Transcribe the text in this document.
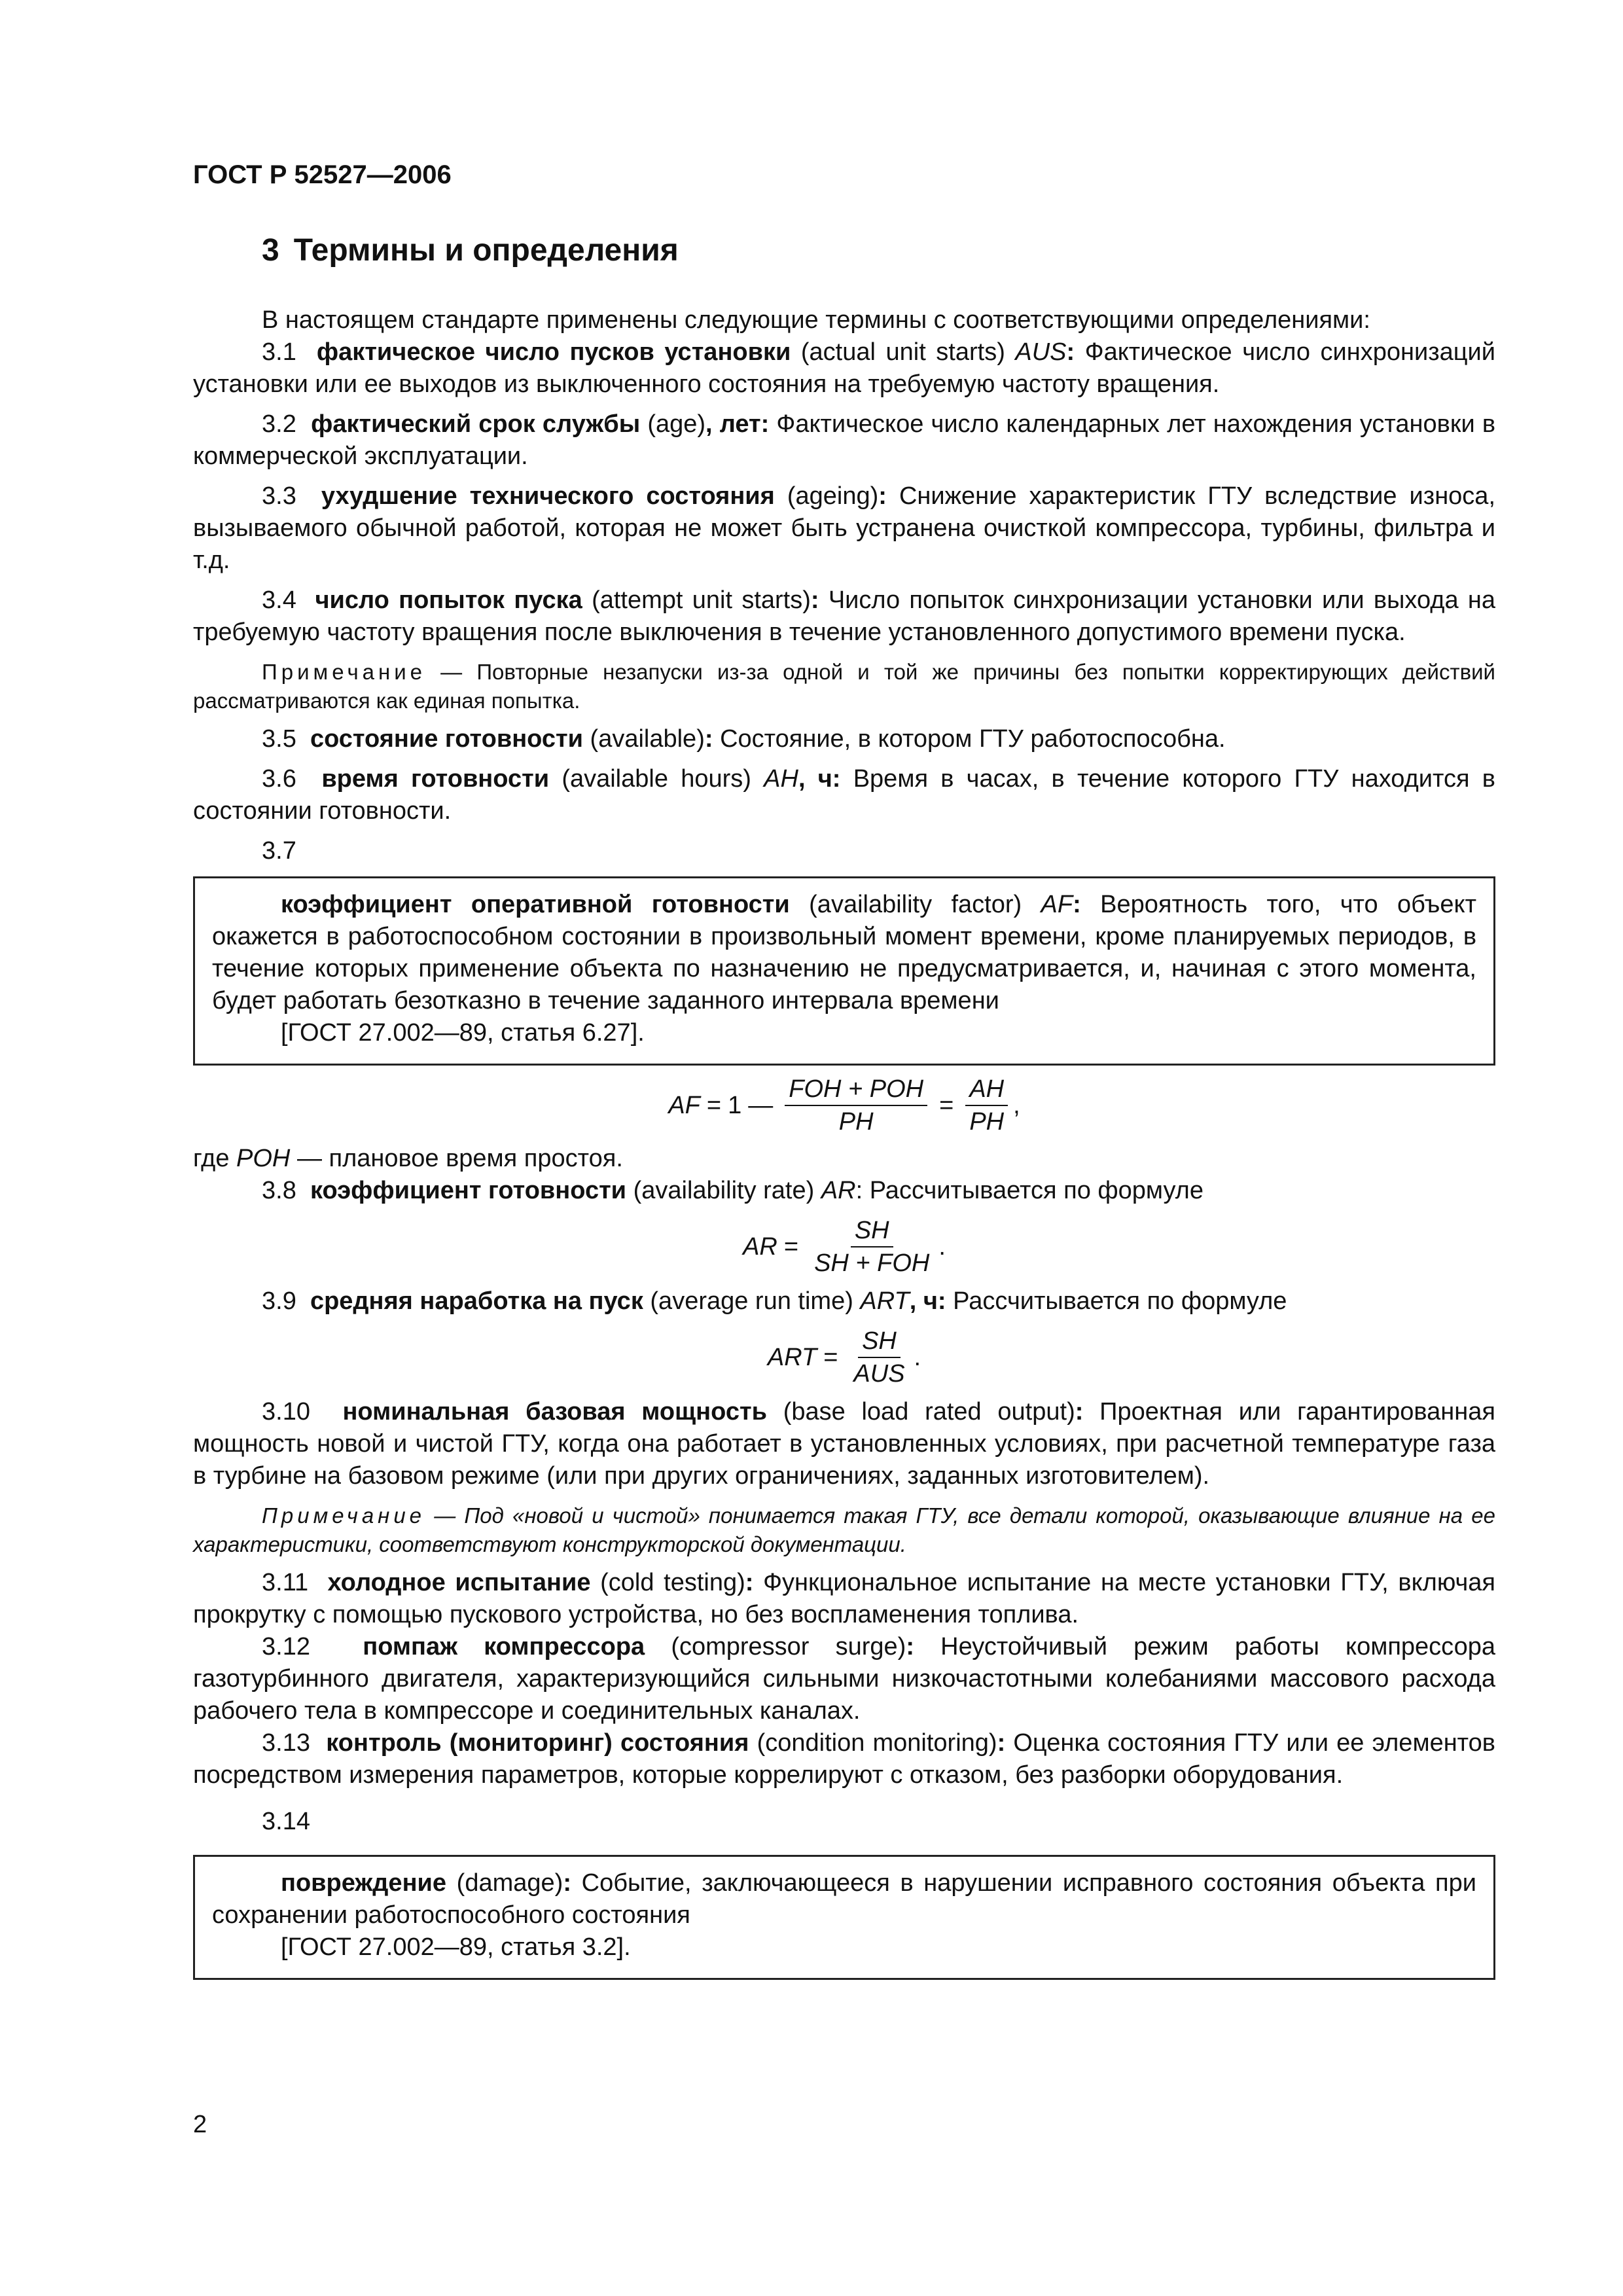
ГОСТ Р 52527—2006

3 Термины и определения

В настоящем стандарте применены следующие термины с соответствующими определениями:

3.1 фактическое число пусков установки (actual unit starts) AUS: Фактическое число синхронизаций установки или ее выходов из выключенного состояния на требуемую частоту вращения.

3.2 фактический срок службы (age), лет: Фактическое число календарных лет нахождения установки в коммерческой эксплуатации.

3.3 ухудшение технического состояния (ageing): Снижение характеристик ГТУ вследствие износа, вызываемого обычной работой, которая не может быть устранена очисткой компрессора, турбины, фильтра и т.д.

3.4 число попыток пуска (attempt unit starts): Число попыток синхронизации установки или выхода на требуемую частоту вращения после выключения в течение установленного допустимого времени пуска.

Примечание — Повторные незапуски из-за одной и той же причины без попытки корректирующих действий рассматриваются как единая попытка.

3.5 состояние готовности (available): Состояние, в котором ГТУ работоспособна.

3.6 время готовности (available hours) AH, ч: Время в часах, в течение которого ГТУ находится в состоянии готовности.

3.7

коэффициент оперативной готовности (availability factor) AF: Вероятность того, что объект окажется в работоспособном состоянии в произвольный момент времени, кроме планируемых периодов, в течение которых применение объекта по назначению не предусматривается, и, начиная с этого момента, будет работать безотказно в течение заданного интервала времени

[ГОСТ 27.002—89, статья 6.27].

AF = 1 — $\frac{\text{FOH + POH}}{PH} = \frac{AH}{PH}$ ,

где POH — плановое время простоя.

3.8 коэффициент готовности (availability rate) AR: Рассчитывается по формуле

AR = $\frac{SH}{\text{SH + FOH}}$ .

3.9 средняя наработка на пуск (average run time) ART, ч: Рассчитывается по формуле

ART = $\frac{SH}{\text{AUS}}$ .

3.10 номинальная базовая мощность (base load rated output): Проектная или гарантированная мощность новой и чистой ГТУ, когда она работает в установленных условиях, при расчетной температуре газа в турбине на базовом режиме (или при других ограничениях, заданных изготовителем).

Примечание — Под «новой и чистой» понимается такая ГТУ, все детали которой, оказывающие влияние на ее характеристики, соответствуют конструкторской документации.

3.11 холодное испытание (cold testing): Функциональное испытание на месте установки ГТУ, включая прокрутку с помощью пускового устройства, но без воспламенения топлива.

3.12 помпаж компрессора (compressor surge): Неустойчивый режим работы компрессора газотурбинного двигателя, характеризующийся сильными низкочастотными колебаниями массового расхода рабочего тела в компрессоре и соединительных каналах.

3.13 контроль (мониторинг) состояния (condition monitoring): Оценка состояния ГТУ или ее элементов посредством измерения параметров, которые коррелируют с отказом, без разборки оборудования.

3.14

повреждение (damage): Событие, заключающееся в нарушении исправного состояния объекта при сохранении работоспособного состояния

[ГОСТ 27.002—89, статья 3.2].

2
